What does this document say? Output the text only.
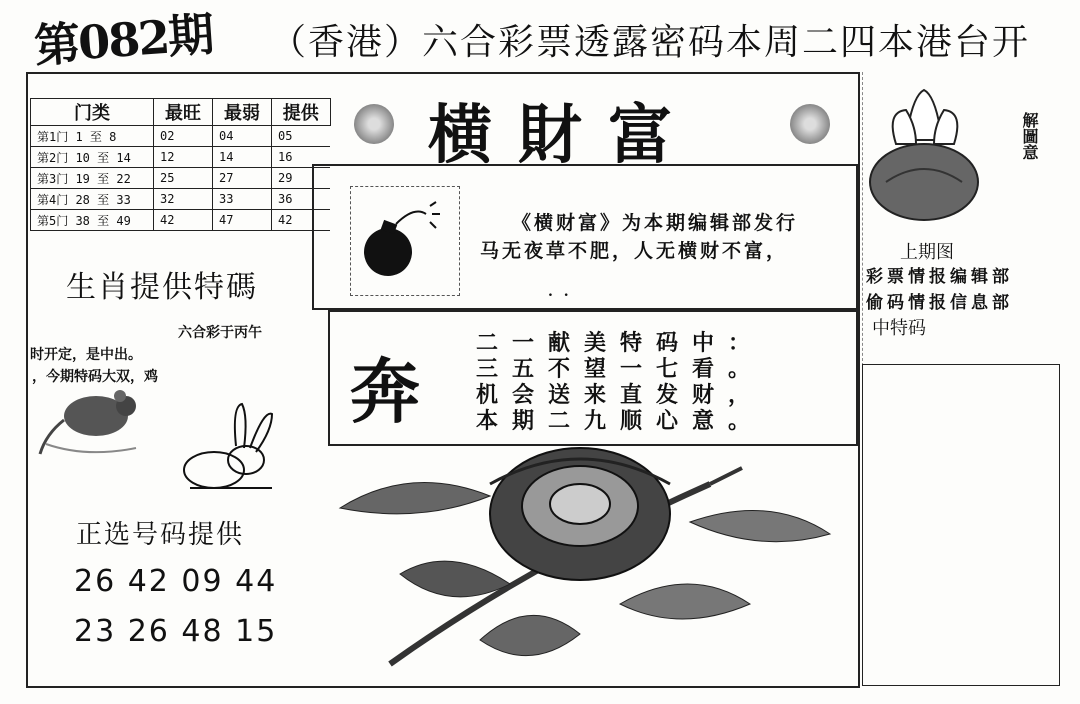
第082期 （香港）六合彩票透露密码本周二四本港台开
门类	最旺	最弱	提供
第1门 1 至 8	02	04	05
第2门 10 至 14	12	14	16
第3门 19 至 22	25	27	29
第4门 28 至 33	32	33	36
第5门 38 至 49	42	47	42
生肖提供特碼
六合彩于丙午
时开定，是中出。
，今期特码大双，鸡
正选号码提供
26 42 09 44
23 26 48 15
横財富
《横财富》为本期编辑部发行
马无夜草不肥，人无横财不富，
. .
奔
二一献美特码中：
三五不望一七看。
机会送来直发财，
本期二九顺心意。
解圖意
上期图
彩票情报编辑部
偷码情报信息部
中特码
